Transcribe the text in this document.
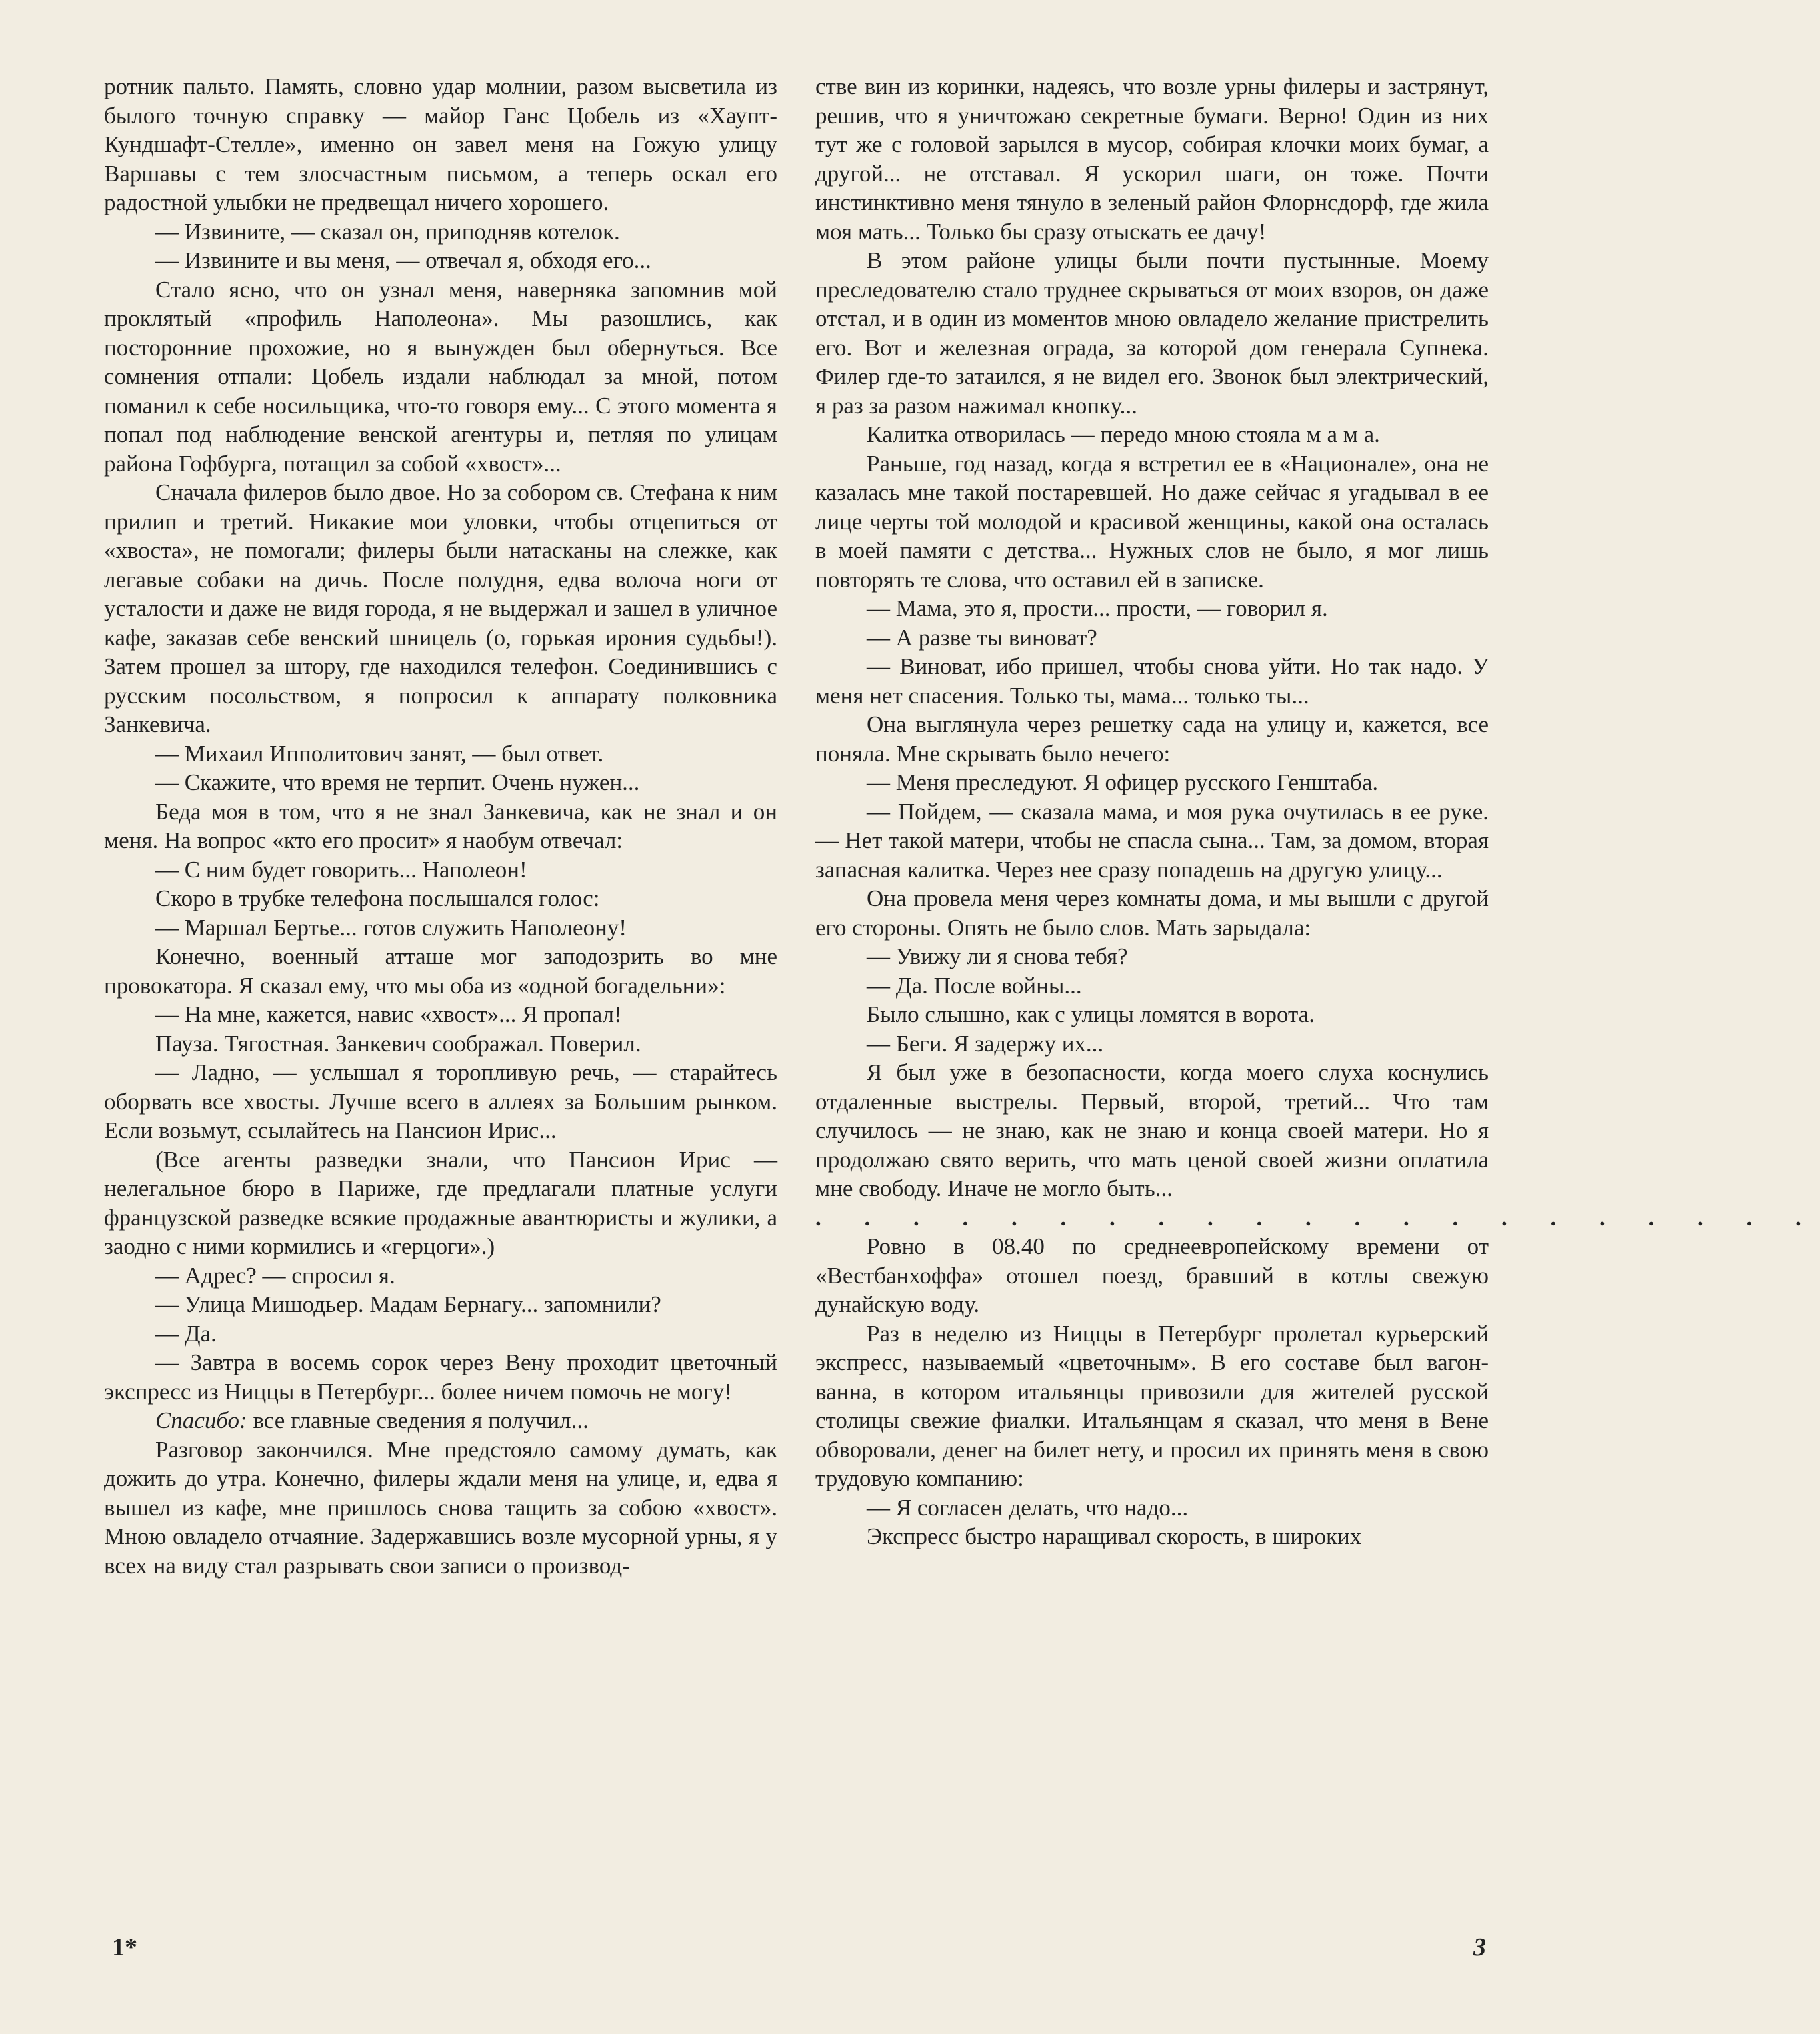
ротник пальто. Память, словно удар молнии, разом высветила из былого точную справку — майор Ганс Цобель из «Хаупт-Кундшафт-Стелле», именно он завел меня на Гожую улицу Варшавы с тем злосчастным письмом, а теперь оскал его радостной улыбки не предвещал ничего хорошего.

— Извините, — сказал он, приподняв котелок.

— Извините и вы меня, — отвечал я, обходя его...

Стало ясно, что он узнал меня, наверняка запомнив мой проклятый «профиль Наполеона». Мы разошлись, как посторонние прохожие, но я вынужден был обернуться. Все сомнения отпали: Цобель издали наблюдал за мной, потом поманил к себе носильщика, что-то говоря ему... С этого момента я попал под наблюдение венской агентуры и, петляя по улицам района Гофбурга, потащил за собой «хвост»...

Сначала филеров было двое. Но за собором св. Стефана к ним прилип и третий. Никакие мои уловки, чтобы отцепиться от «хвоста», не помогали; филеры были натасканы на слежке, как легавые собаки на дичь. После полудня, едва волоча ноги от усталости и даже не видя города, я не выдержал и зашел в уличное кафе, заказав себе венский шницель (о, горькая ирония судьбы!). Затем прошел за штору, где находился телефон. Соединившись с русским посольством, я попросил к аппарату полковника Занкевича.

— Михаил Ипполитович занят, — был ответ.

— Скажите, что время не терпит. Очень нужен...

Беда моя в том, что я не знал Занкевича, как не знал и он меня. На вопрос «кто его просит» я наобум отвечал:

— С ним будет говорить... Наполеон!

Скоро в трубке телефона послышался голос:

— Маршал Бертье... готов служить Наполеону!

Конечно, военный атташе мог заподозрить во мне провокатора. Я сказал ему, что мы оба из «одной богадельни»:

— На мне, кажется, навис «хвост»... Я пропал!

Пауза. Тягостная. Занкевич соображал. Поверил.

— Ладно, — услышал я торопливую речь, — старайтесь оборвать все хвосты. Лучше всего в аллеях за Большим рынком. Если возьмут, ссылайтесь на Пансион Ирис...

(Все агенты разведки знали, что Пансион Ирис — нелегальное бюро в Париже, где предлагали платные услуги французской разведке всякие продажные авантюристы и жулики, а заодно с ними кормились и «герцоги».)

— Адрес? — спросил я.

— Улица Мишодьер. Мадам Бернагу... запомнили?

— Да.

— Завтра в восемь сорок через Вену проходит цветочный экспресс из Ниццы в Петербург... более ничем помочь не могу!

Спасибо: все главные сведения я получил...

Разговор закончился. Мне предстояло самому думать, как дожить до утра. Конечно, филеры ждали меня на улице, и, едва я вышел из кафе, мне пришлось снова тащить за собою «хвост». Мною овладело отчаяние. Задержавшись возле мусорной урны, я у всех на виду стал разрывать свои записи о производ-

стве вин из коринки, надеясь, что возле урны филеры и застрянут, решив, что я уничтожаю секретные бумаги. Верно! Один из них тут же с головой зарылся в мусор, собирая клочки моих бумаг, а другой... не отставал. Я ускорил шаги, он тоже. Почти инстинктивно меня тянуло в зеленый район Флорнсдорф, где жила моя мать... Только бы сразу отыскать ее дачу!

В этом районе улицы были почти пустынные. Моему преследователю стало труднее скрываться от моих взоров, он даже отстал, и в один из моментов мною овладело желание пристрелить его. Вот и железная ограда, за которой дом генерала Супнека. Филер где-то затаился, я не видел его. Звонок был электрический, я раз за разом нажимал кнопку...

Калитка отворилась — передо мною стояла м а м а.

Раньше, год назад, когда я встретил ее в «Национале», она не казалась мне такой постаревшей. Но даже сейчас я угадывал в ее лице черты той молодой и красивой женщины, какой она осталась в моей памяти с детства... Нужных слов не было, я мог лишь повторять те слова, что оставил ей в записке.

— Мама, это я, прости... прости, — говорил я.

— А разве ты виноват?

— Виноват, ибо пришел, чтобы снова уйти. Но так надо. У меня нет спасения. Только ты, мама... только ты...

Она выглянула через решетку сада на улицу и, кажется, все поняла. Мне скрывать было нечего:

— Меня преследуют. Я офицер русского Генштаба.

— Пойдем, — сказала мама, и моя рука очутилась в ее руке. — Нет такой матери, чтобы не спасла сына... Там, за домом, вторая запасная калитка. Через нее сразу попадешь на другую улицу...

Она провела меня через комнаты дома, и мы вышли с другой его стороны. Опять не было слов. Мать зарыдала:

— Увижу ли я снова тебя?

— Да. После войны...

Было слышно, как с улицы ломятся в ворота.

— Беги. Я задержу их...

Я был уже в безопасности, когда моего слуха коснулись отдаленные выстрелы. Первый, второй, третий... Что там случилось — не знаю, как не знаю и конца своей матери. Но я продолжаю свято верить, что мать ценой своей жизни оплатила мне свободу. Иначе не могло быть...

. . . . . . . . . . . . . . . . . . . . .

Ровно в 08.40 по среднеевропейскому времени от «Вестбанхоффа» отошел поезд, бравший в котлы свежую дунайскую воду.

Раз в неделю из Ниццы в Петербург пролетал курьерский экспресс, называемый «цветочным». В его составе был вагон-ванна, в котором итальянцы привозили для жителей русской столицы свежие фиалки. Итальянцам я сказал, что меня в Вене обворовали, денег на билет нету, и просил их принять меня в свою трудовую компанию:

— Я согласен делать, что надо...

Экспресс быстро наращивал скорость, в широких

1*	3
